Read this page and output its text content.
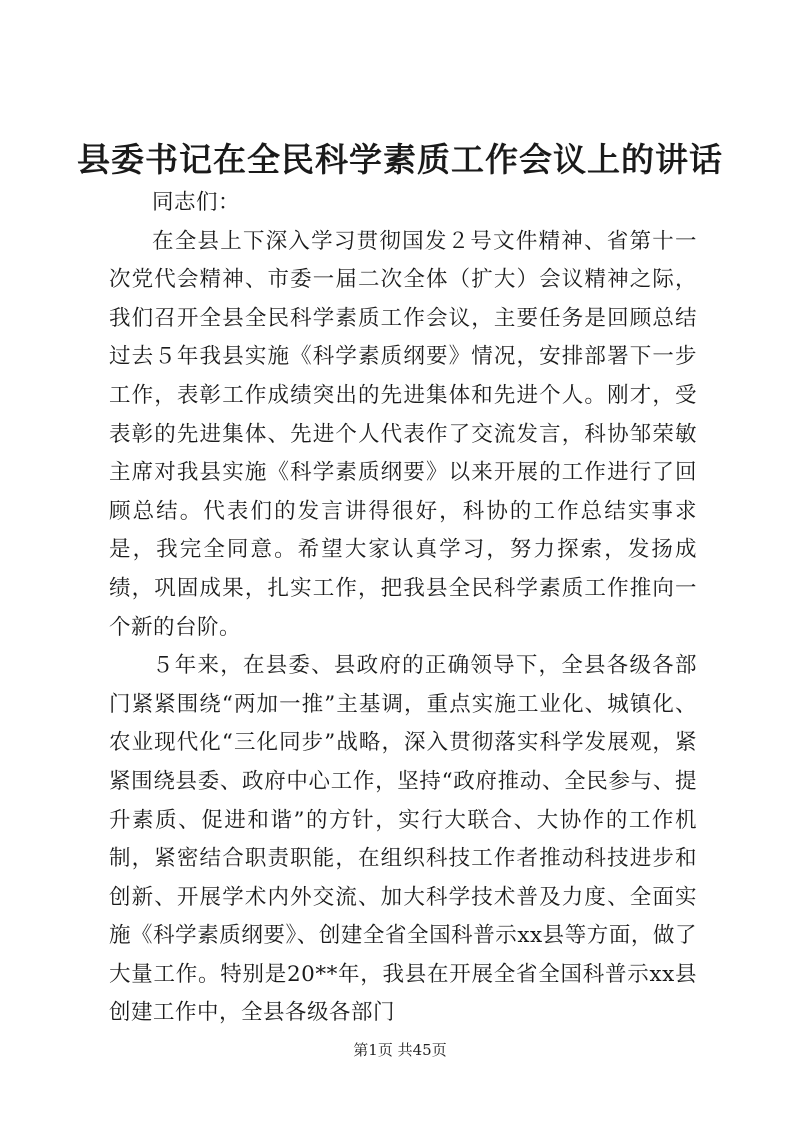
县委书记在全民科学素质工作会议上的讲话

同志们：

在全县上下深入学习贯彻国发２号文件精神、省第十一次党代会精神、市委一届二次全体（扩大）会议精神之际，我们召开全县全民科学素质工作会议，主要任务是回顾总结过去５年我县实施《科学素质纲要》情况，安排部署下一步工作，表彰工作成绩突出的先进集体和先进个人。刚才，受表彰的先进集体、先进个人代表作了交流发言，科协邹荣敏主席对我县实施《科学素质纲要》以来开展的工作进行了回顾总结。代表们的发言讲得很好，科协的工作总结实事求是，我完全同意。希望大家认真学习，努力探索，发扬成绩，巩固成果，扎实工作，把我县全民科学素质工作推向一个新的台阶。

５年来，在县委、县政府的正确领导下，全县各级各部门紧紧围绕“两加一推”主基调，重点实施工业化、城镇化、农业现代化“三化同步”战略，深入贯彻落实科学发展观，紧紧围绕县委、政府中心工作，坚持“政府推动、全民参与、提升素质、促进和谐”的方针，实行大联合、大协作的工作机制，紧密结合职责职能，在组织科技工作者推动科技进步和创新、开展学术内外交流、加大科学技术普及力度、全面实施《科学素质纲要》、创建全省全国科普示xx县等方面，做了大量工作。特别是20**年，我县在开展全省全国科普示xx县创建工作中，全县各级各部门

第1页 共45页
